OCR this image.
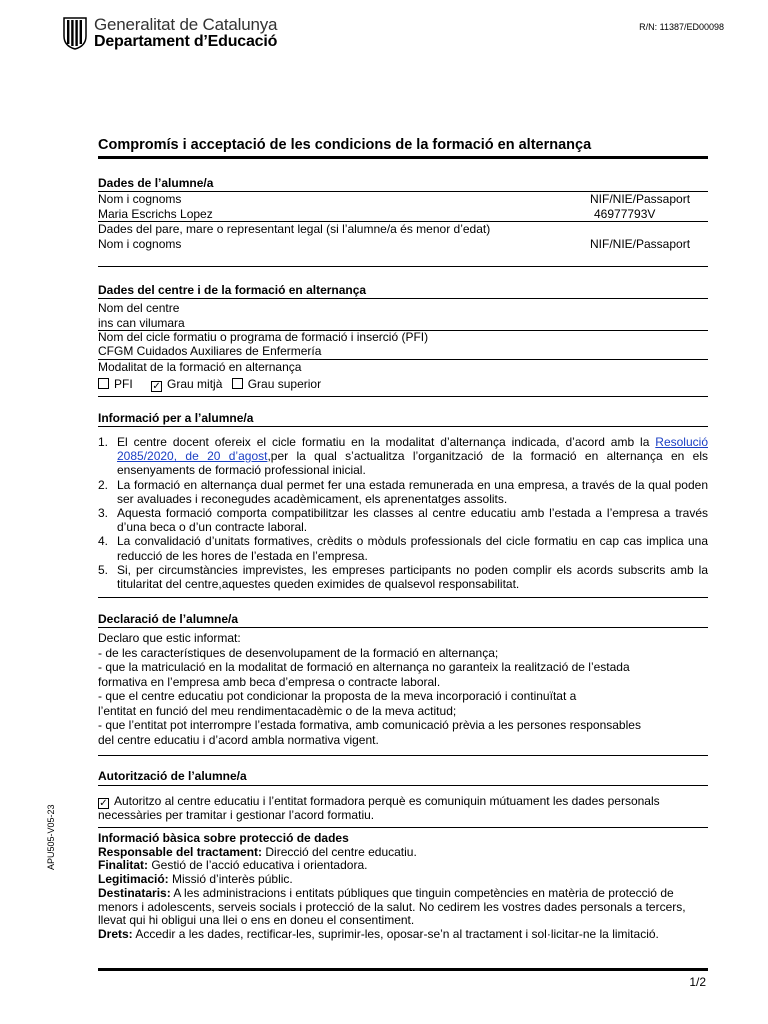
Generalitat de Catalunya
Departament d’Educació
R/N: 11387/ED00098
Compromís i acceptació de les condicions de la formació en alternança
Dades de l’alumne/a
Nom i cognoms	NIF/NIE/Passaport
Maria Escrichs Lopez	46977793V
Dades del pare, mare o representant legal (si l’alumne/a és menor d’edat)
Nom i cognoms	NIF/NIE/Passaport
Dades del centre i de la formació en alternança
Nom del centre
ins can vilumara
Nom del cicle formatiu o programa de formació i inserció (PFI)
CFGM Cuidados Auxiliares de Enfermería
Modalitat de la formació en alternança
PFI ✓ Grau mitjà Grau superior
Informació per a l’alumne/a
1. El centre docent ofereix el cicle formatiu en la modalitat d’alternança indicada, d’acord amb la Resolució 2085/2020, de 20 d’agost,per la qual s’actualitza l’organització de la formació en alternança en els ensenyaments de formació professional inicial.
2. La formació en alternança dual permet fer una estada remunerada en una empresa, a través de la qual poden ser avaluades i reconegudes acadèmicament, els aprenentatges assolits.
3. Aquesta formació comporta compatibilitzar les classes al centre educatiu amb l’estada a l’empresa a través d’una beca o d’un contracte laboral.
4. La convalidació d’unitats formatives, crèdits o mòduls professionals del cicle formatiu en cap cas implica una reducció de les hores de l’estada en l’empresa.
5. Si, per circumstàncies imprevistes, les empreses participants no poden complir els acords subscrits amb la titularitat del centre,aquestes queden eximides de qualsevol responsabilitat.
Declaració de l’alumne/a
Declaro que estic informat:
- de les característiques de desenvolupament de la formació en alternança;
- que la matriculació en la modalitat de formació en alternança no garanteix la realització de l’estada
formativa en l’empresa amb beca d’empresa o contracte laboral.
- que el centre educatiu pot condicionar la proposta de la meva incorporació i continuïtat a
l’entitat en funció del meu rendimentacadèmic o de la meva actitud;
- que l’entitat pot interrompre l’estada formativa, amb comunicació prèvia a les persones responsables
del centre educatiu i d’acord ambla normativa vigent.
Autorització de l’alumne/a
✓ Autoritzo al centre educatiu i l’entitat formadora perquè es comuniquin mútuament les dades personals necessàries per tramitar i gestionar l’acord formatiu.
Informació bàsica sobre protecció de dades
Responsable del tractament: Direcció del centre educatiu.
Finalitat: Gestió de l’acció educativa i orientadora.
Legitimació: Missió d’interès públic.
Destinataris: A les administracions i entitats públiques que tinguin competències en matèria de protecció de menors i adolescents, serveis socials i protecció de la salut. No cedirem les vostres dades personals a tercers, llevat qui hi obligui una llei o ens en doneu el consentiment.
Drets: Accedir a les dades, rectificar-les, suprimir-les, oposar-se’n al tractament i sol·licitar-ne la limitació.
1/2
APU505-V05-23
